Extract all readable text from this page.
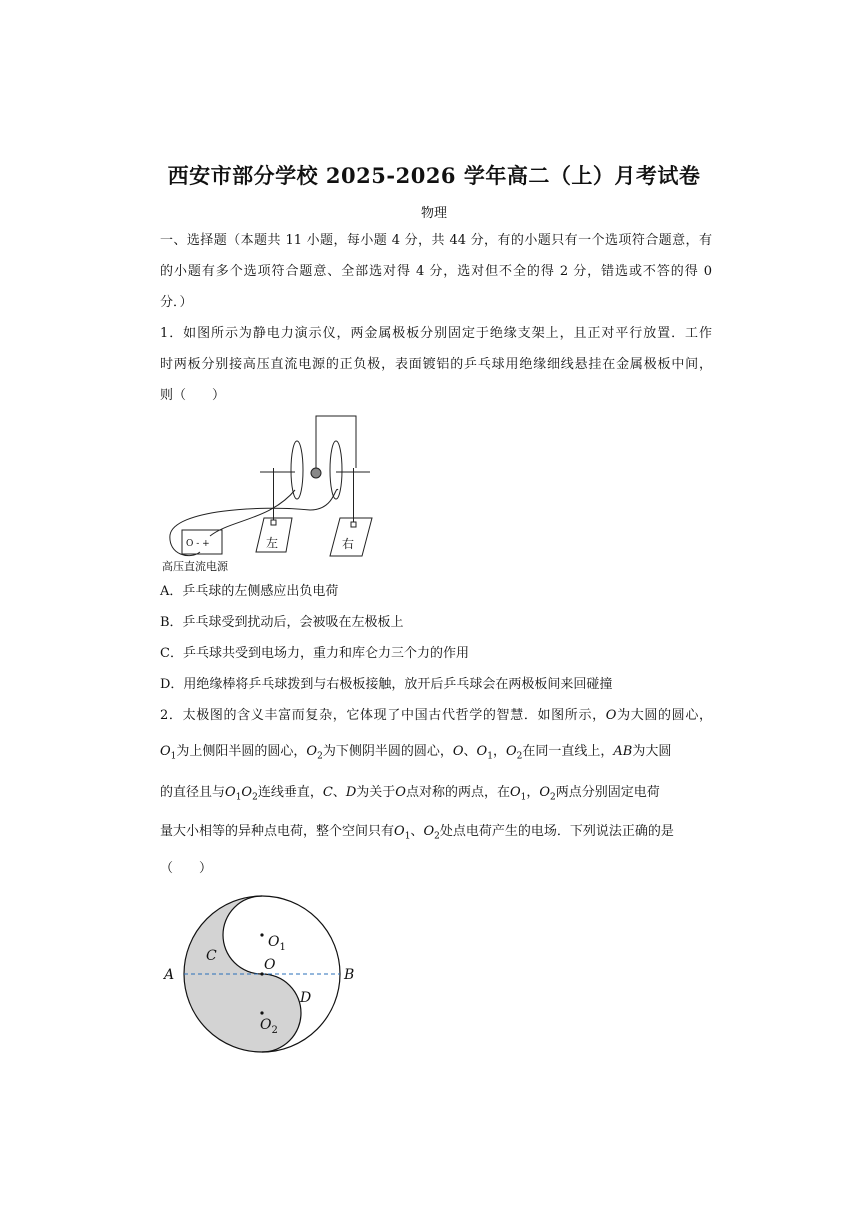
西安市部分学校 2025-2026 学年高二（上）月考试卷
物理
一、选择题（本题共 11 小题，每小题 4 分，共 44 分，有的小题只有一个选项符合题意，有
的小题有多个选项符合题意、全部选对得 4 分，选对但不全的得 2 分，错选或不答的得 0
分．）
1．如图所示为静电力演示仪，两金属极板分别固定于绝缘支架上，且正对平行放置．工作
时两板分别接高压直流电源的正负极，表面镀铝的乒乓球用绝缘细线悬挂在金属极板中间，
则（　　）
左	右
O - +
高压直流电源
A．乒乓球的左侧感应出负电荷
B．乒乓球受到扰动后，会被吸在左极板上
C．乒乓球共受到电场力，重力和库仑力三个力的作用
D．用绝缘棒将乒乓球拨到与右极板接触，放开后乒乓球会在两极板间来回碰撞
2．太极图的含义丰富而复杂，它体现了中国古代哲学的智慧．如图所示，O为大圆的圆心，
$O_1$为上侧阳半圆的圆心，$O_2$为下侧阴半圆的圆心，O、$O_1$，$O_2$在同一直线上，AB为大圆
的直径且与$O_1O_2$连线垂直，C、D为关于O点对称的两点，在$O_1$，$O_2$两点分别固定电荷
量大小相等的异种点电荷，整个空间只有$O_1$、$O_2$处点电荷产生的电场．下列说法正确的是
（　　）
A	B
C
D
O
$O_1$
$O_2$
